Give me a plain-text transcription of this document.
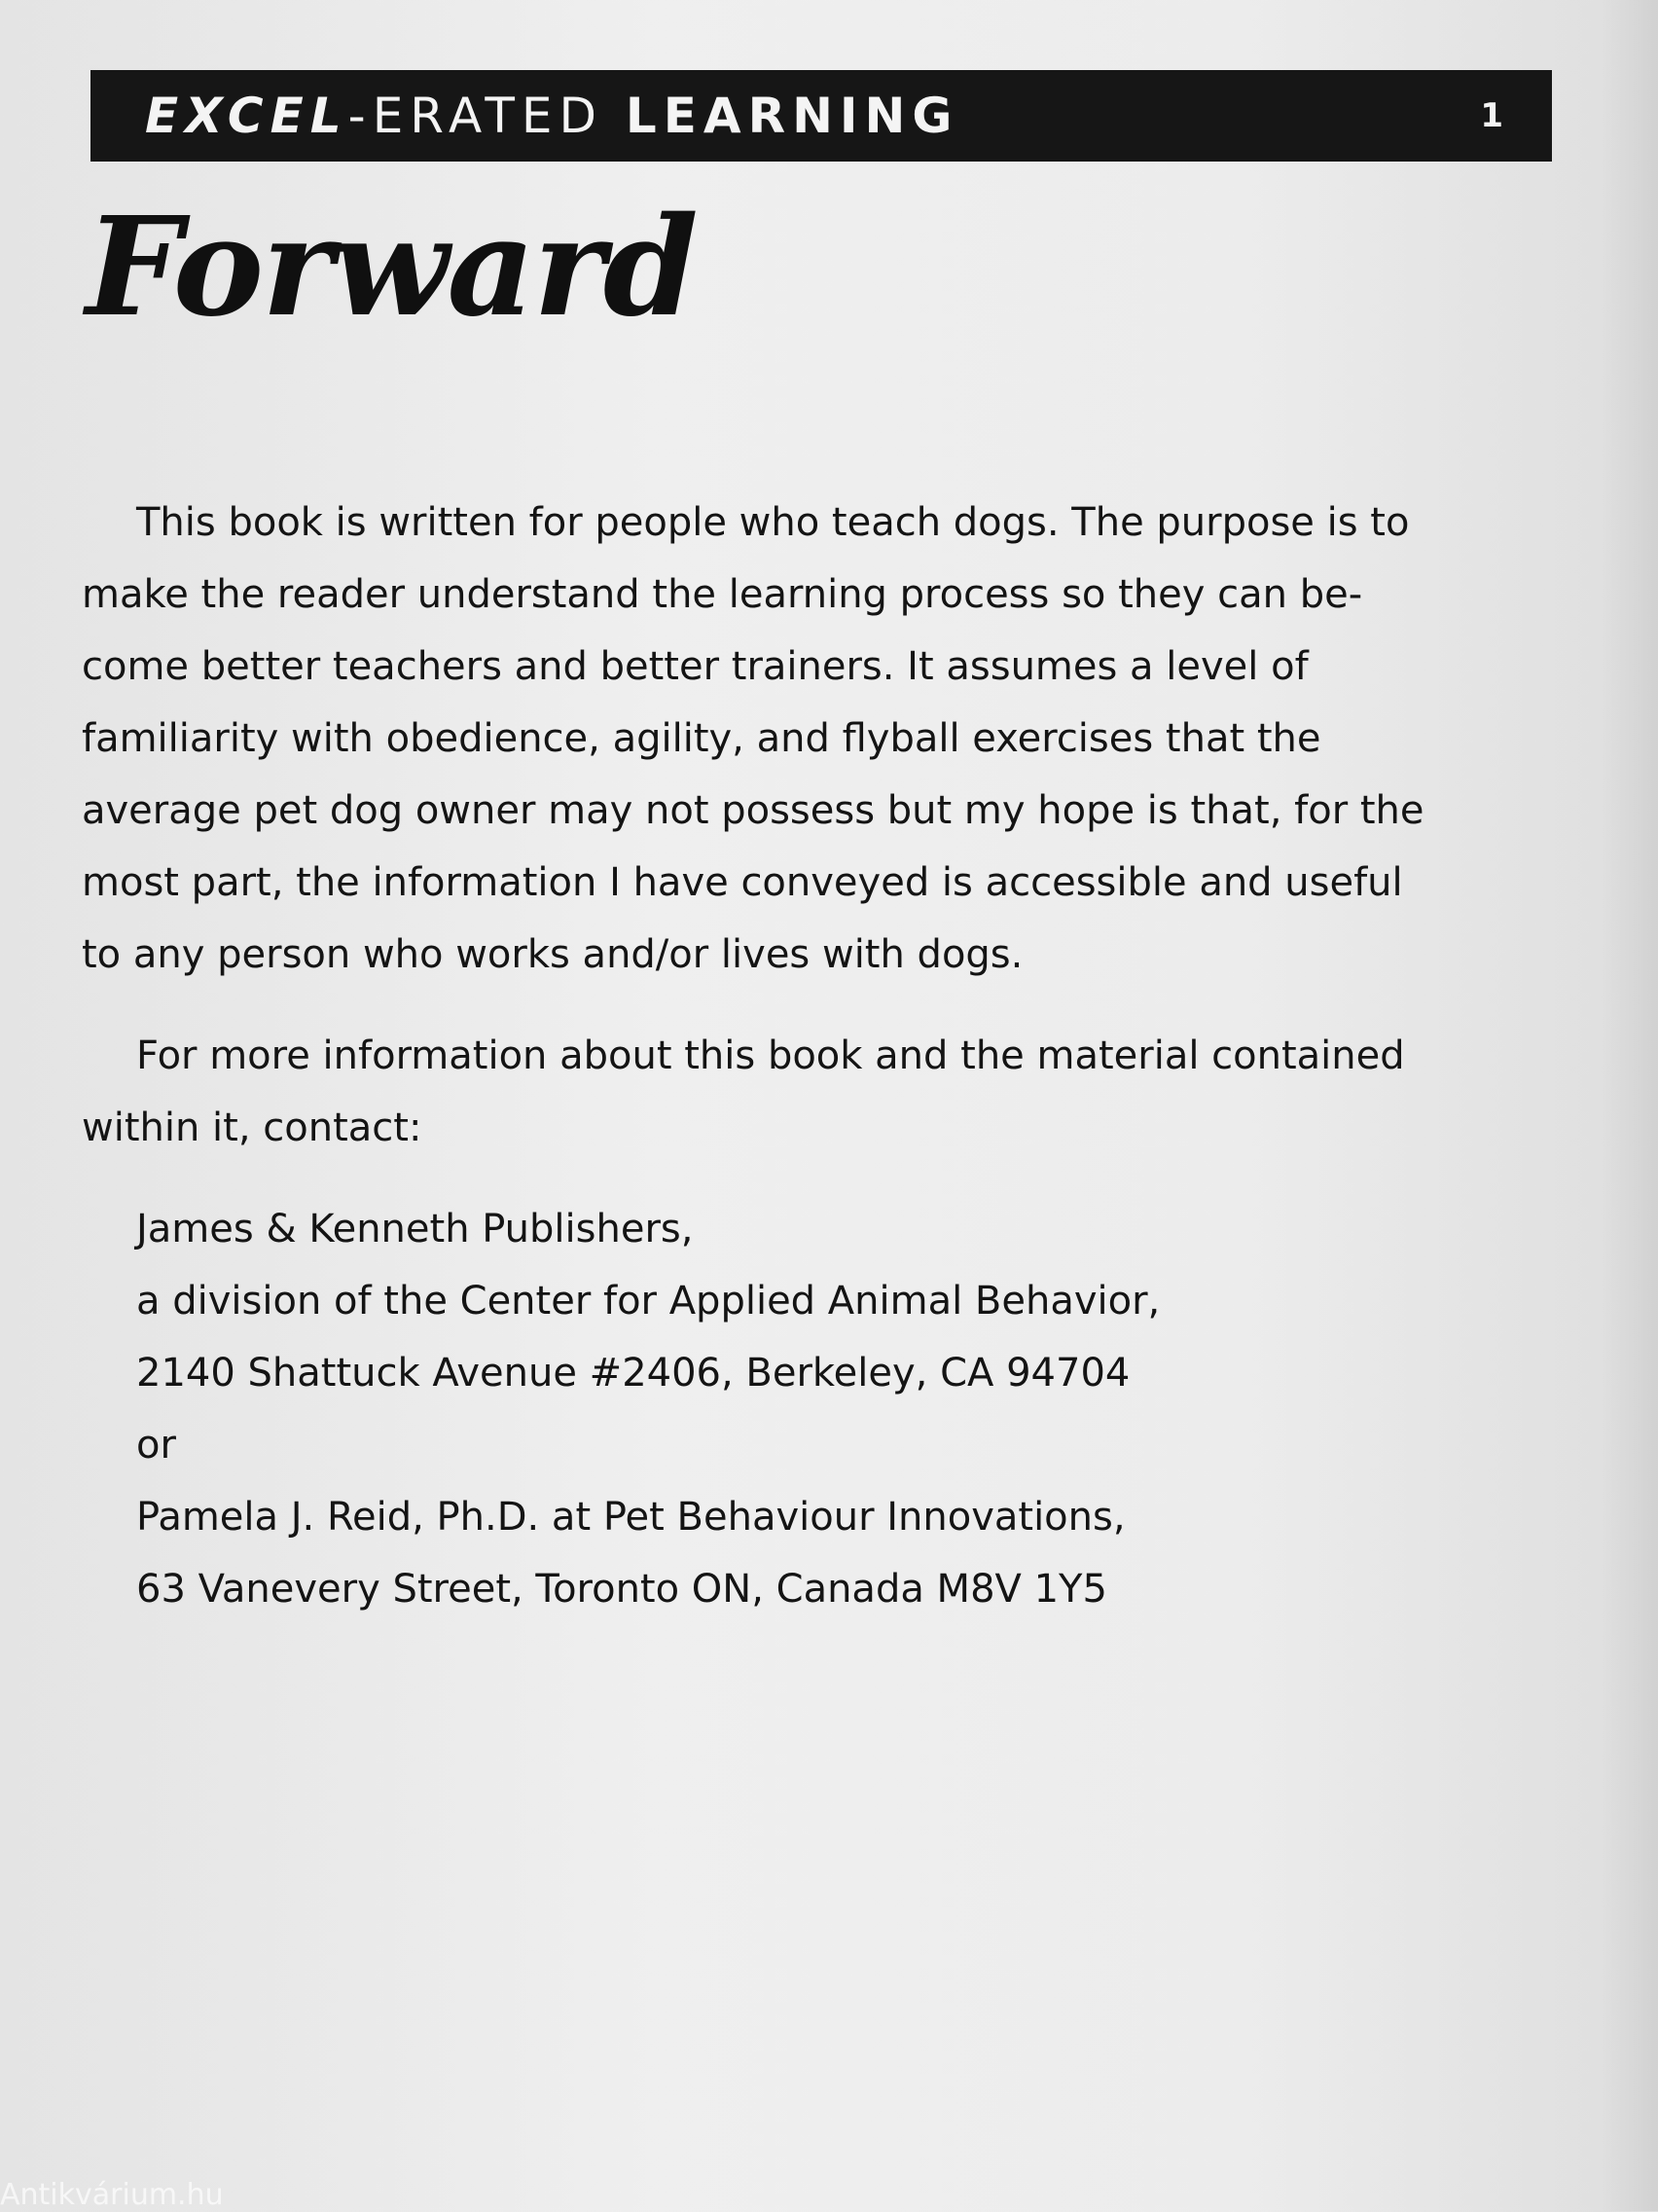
EXCEL-ERATED LEARNING	1
Forward

This book is written for people who teach dogs. The purpose is to
make the reader understand the learning process so they can be-
come better teachers and better trainers. It assumes a level of
familiarity with obedience, agility, and flyball exercises that the
average pet dog owner may not possess but my hope is that, for the
most part, the information I have conveyed is accessible and useful
to any person who works and/or lives with dogs.

For more information about this book and the material contained
within it, contact:

James & Kenneth Publishers,
a division of the Center for Applied Animal Behavior,
2140 Shattuck Avenue #2406, Berkeley, CA 94704
or
Pamela J. Reid, Ph.D. at Pet Behaviour Innovations,
63 Vanevery Street, Toronto ON, Canada M8V 1Y5
Antikvárium.hu
